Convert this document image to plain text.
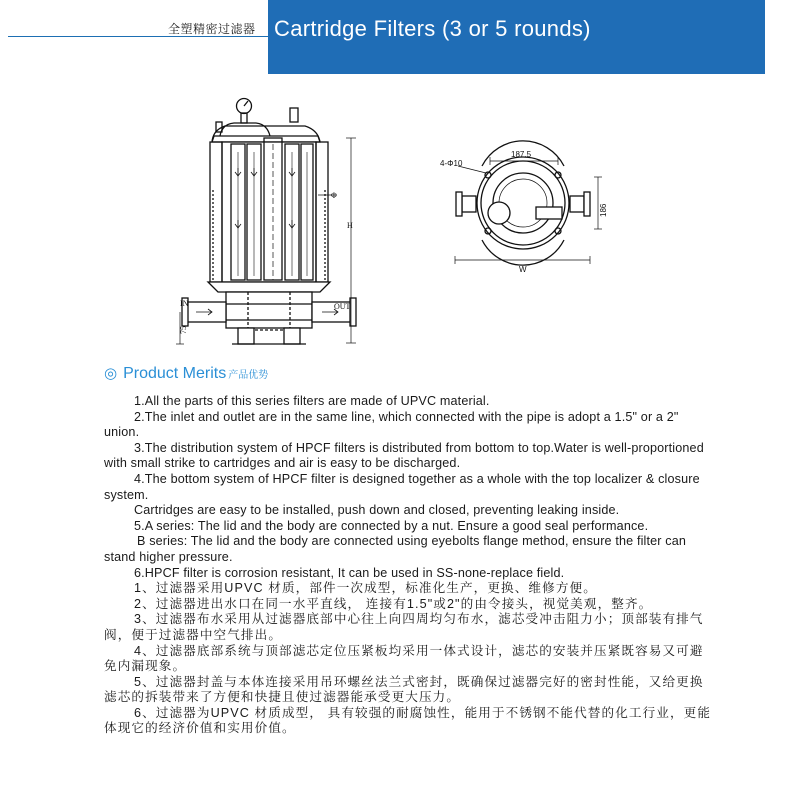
全塑精密过滤器 Cartridge Filters (3 or 5 rounds)
IN	OUT
H
Φ
75
4-Φ10
187.5
186
W
◎ Product Merits 产品优势

1.All the parts of this series filters are made of UPVC material.

2.The inlet and outlet are in the same line, which connected with the pipe is adopt a 1.5" or a 2" union.

3.The distribution system of HPCF filters is distributed from bottom to top.Water is well-proportioned with small strike to cartridges and air is easy to be discharged.

4.The bottom system of HPCF filter is designed together as a whole with the top localizer & closure system.

Cartridges are easy to be installed, push down and closed, preventing leaking inside.

5.A series: The lid and the body are connected by a nut. Ensure a good seal performance.

B series: The lid and the body are connected using eyebolts flange method, ensure the filter can stand higher pressure.

6.HPCF filter is corrosion resistant, It can be used in SS-none-replace field.

1、过滤器采用UPVC 材质，部件一次成型，标准化生产，更换、维修方便。

2、过滤器进出水口在同一水平直线， 连接有1.5"或2"的由令接头，视觉美观，整齐。

3、过滤器布水采用从过滤器底部中心往上向四周均匀布水，滤芯受冲击阻力小；顶部装有排气阀，便于过滤器中空气排出。

4、过滤器底部系统与顶部滤芯定位压紧板均采用一体式设计，滤芯的安装并压紧既容易又可避免内漏现象。

5、过滤器封盖与本体连接采用吊环螺丝法兰式密封，既确保过滤器完好的密封性能，又给更换滤芯的拆装带来了方便和快捷且使过滤器能承受更大压力。

6、过滤器为UPVC 材质成型， 具有较强的耐腐蚀性，能用于不锈钢不能代替的化工行业，更能体现它的经济价值和实用价值。
